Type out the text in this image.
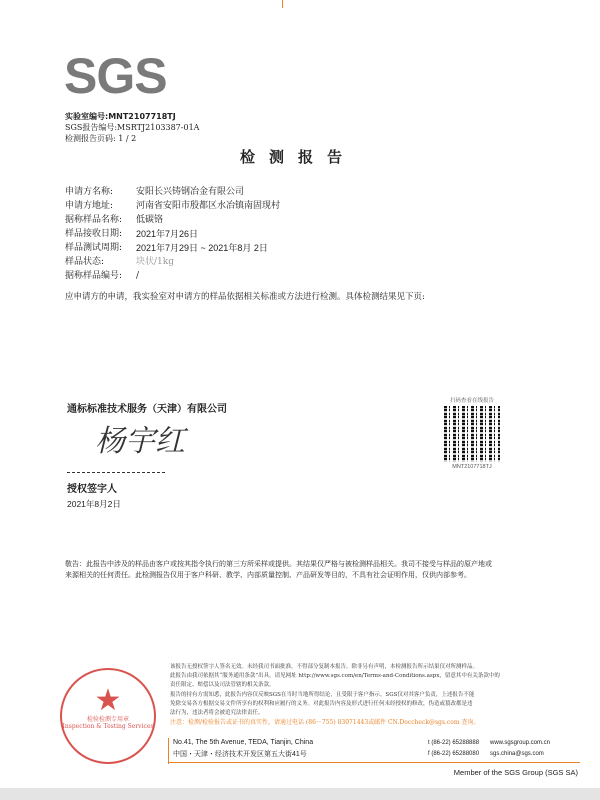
SGS
实验室编号:MNT2107718TJ
SGS报告编号:MSRTJ2103387-01A
检测报告页码: 1 / 2
检测报告
申请方名称:	安阳长兴铸钢冶金有限公司
申请方地址:	河南省安阳市殷都区水冶镇南固现村
据称样品名称: 低碳铬
样品接收日期: 2021年7月26日
样品测试周期: 2021年7月29日 ~ 2021年8月 2日
样品状态:	块状/1kg
据称样品编号: /
应申请方的申请，我实验室对申请方的样品依据相关标准或方法进行检测。具体检测结果见下页:
通标标准技术服务（天津）有限公司
杨宇红
授权签字人
2021年8月2日
扫码查看在线报告
MNT2107718TJ
敬告：此报告中涉及的样品由客户或按其指令执行的第三方所采样或提供。其结果仅严格与被检测样品相关。我司不接受与样品的原产地或
来源相关的任何责任。此检测报告仅用于客户科研、教学、内部质量控制、产品研发等目的，不具有社会证明作用，仅供内部参考。
★
检验检测专用章
Inspection & Testing Services
该报告无授权签字人签名无效。未经我司书面批准，不得部分复制本报告。除非另有声明，本检测报告所示结果仅对所测样品。
此报告由我司依据其“服务通用条款”出具，请见网址 http://www.sgs.com/en/Terms-and-Conditions.aspx，留意其中有关条款中的
责任限定、赔偿以及司法管辖的相关条款。
报告的持有方需知悉，此报告内容仅反映SGS在当时当地所得结论，且受限于客户指示。SGS仅对其客户负责，上述报告不能
免除交易各方根据交易文件所享有的权利和应履行的义务。对此报告内容及形式进行任何未经授权的修改，伪造或篡改都是违
法行为，违法者将会被追究法律责任。
注意：检测/检验报告或证书的真实性，请通过电话 (86－755) 83071443或邮件 CN.Doccheck@sgs.com 查询。
No.41, The 5th Avenue, TEDA, Tianjin, China
中国・天津・经济技术开发区第五大街41号
t (86-22) 65288888
f (86-22) 65288080
www.sgsgroup.com.cn
sgs.china@sgs.com
Member of the SGS Group (SGS SA)
